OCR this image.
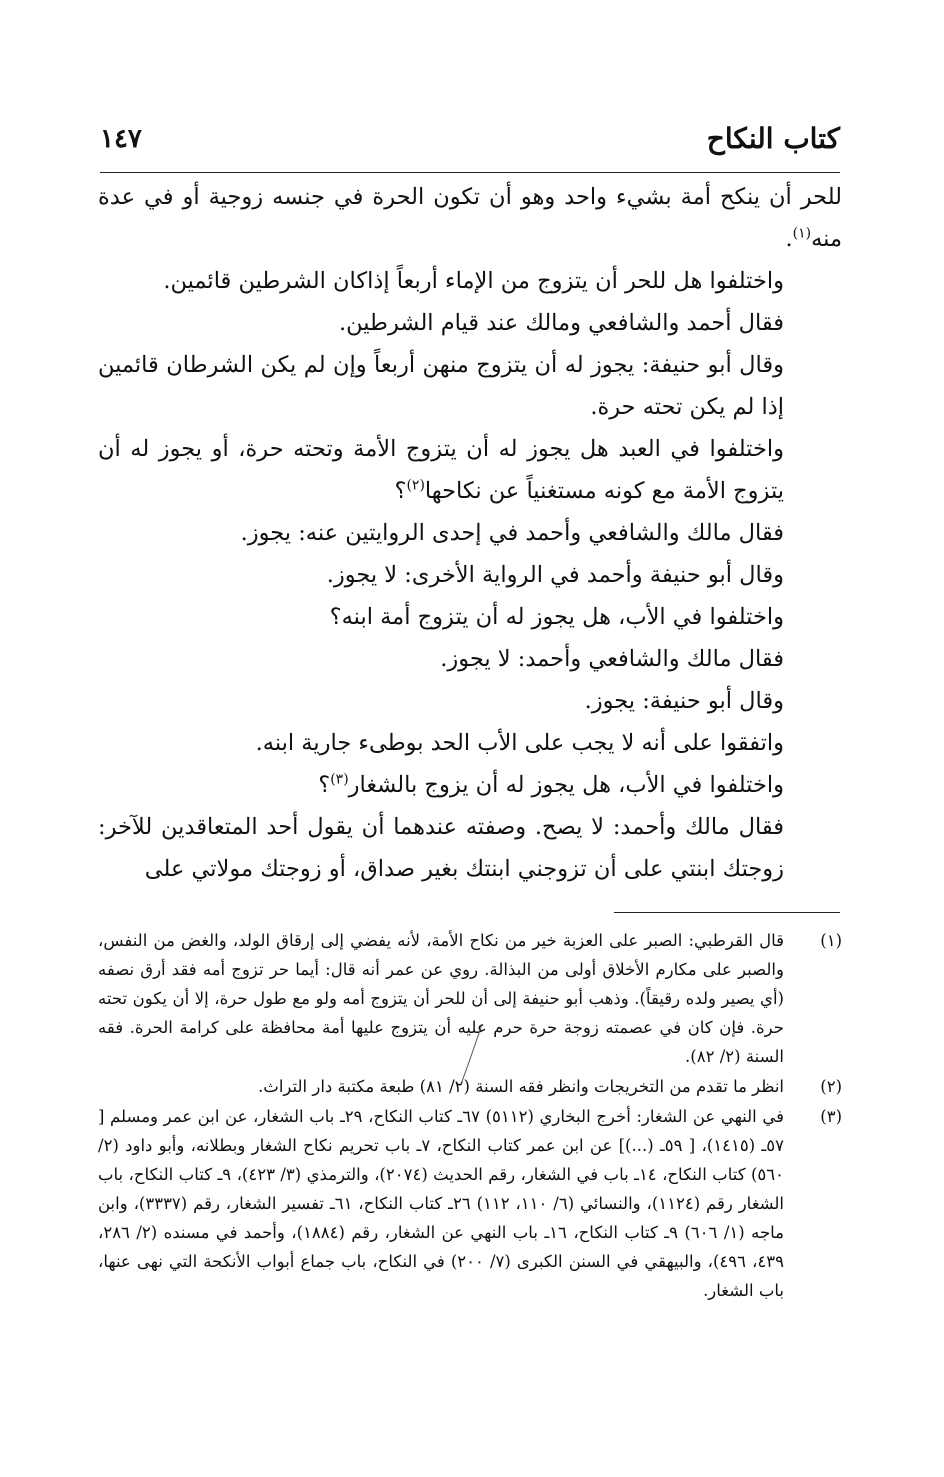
كتاب النكاح
١٤٧

للحر أن ينكح أمة بشيء واحد وهو أن تكون الحرة في جنسه زوجية أو في عدة منه$^{(١)}$.

واختلفوا هل للحر أن يتزوج من الإماء أربعاً إذاكان الشرطين قائمين.

فقال أحمد والشافعي ومالك عند قيام الشرطين.

وقال أبو حنيفة: يجوز له أن يتزوج منهن أربعاً وإن لم يكن الشرطان قائمين إذا لم يكن تحته حرة.

واختلفوا في العبد هل يجوز له أن يتزوج الأمة وتحته حرة، أو يجوز له أن يتزوج الأمة مع كونه مستغنياً عن نكاحها$^{(٢)}$؟

فقال مالك والشافعي وأحمد في إحدى الروايتين عنه: يجوز.

وقال أبو حنيفة وأحمد في الرواية الأخرى: لا يجوز.

واختلفوا في الأب، هل يجوز له أن يتزوج أمة ابنه؟

فقال مالك والشافعي وأحمد: لا يجوز.

وقال أبو حنيفة: يجوز.

واتفقوا على أنه لا يجب على الأب الحد بوطىء جارية ابنه.

واختلفوا في الأب، هل يجوز له أن يزوج بالشغار$^{(٣)}$؟

فقال مالك وأحمد: لا يصح. وصفته عندهما أن يقول أحد المتعاقدين للآخر: زوجتك ابنتي على أن تزوجني ابنتك بغير صداق، أو زوجتك مولاتي على

(١)
قال القرطبي: الصبر على العزبة خير من نكاح الأمة، لأنه يفضي إلى إرقاق الولد، والغض من النفس، والصبر على مكارم الأخلاق أولى من البذالة. روي عن عمر أنه قال: أيما حر تزوج أمه فقد أرق نصفه (أي يصير ولده رقيقاً). وذهب أبو حنيفة إلى أن للحر أن يتزوج أمه ولو مع طول حرة، إلا أن يكون تحته حرة. فإن كان في عصمته زوجة حرة حرم عليه أن يتزوج عليها أمة محافظة على كرامة الحرة. فقه السنة (٢/ ٨٢).
(٢)
انظر ما تقدم من التخريجات وانظر فقه السنة (٢/ ٨١) طبعة مكتبة دار التراث.
(٣)
في النهي عن الشغار: أخرج البخاري (٥١١٢) ٦٧ـ كتاب النكاح، ٢٩ـ باب الشغار، عن ابن عمر ومسلم [ ٥٧ـ (١٤١٥)، [ ٥٩ـ (...)] عن ابن عمر كتاب النكاح، ٧ـ باب تحريم نكاح الشغار وبطلانه، وأبو داود (٢/ ٥٦٠) كتاب النكاح، ١٤ـ باب في الشغار، رقم الحديث (٢٠٧٤)، والترمذي (٣/ ٤٢٣)، ٩ـ كتاب النكاح، باب الشغار رقم (١١٢٤)، والنسائي (٦/ ١١٠، ١١٢) ٢٦ـ كتاب النكاح، ٦١ـ تفسير الشغار، رقم (٣٣٣٧)، وابن ماجه (١/ ٦٠٦) ٩ـ كتاب النكاح، ١٦ـ باب النهي عن الشغار، رقم (١٨٨٤)، وأحمد في مسنده (٢/ ٢٨٦، ٤٣٩، ٤٩٦)، والبيهقي في السنن الكبرى (٧/ ٢٠٠) في النكاح، باب جماع أبواب الأنكحة التي نهى عنها، باب الشغار.
